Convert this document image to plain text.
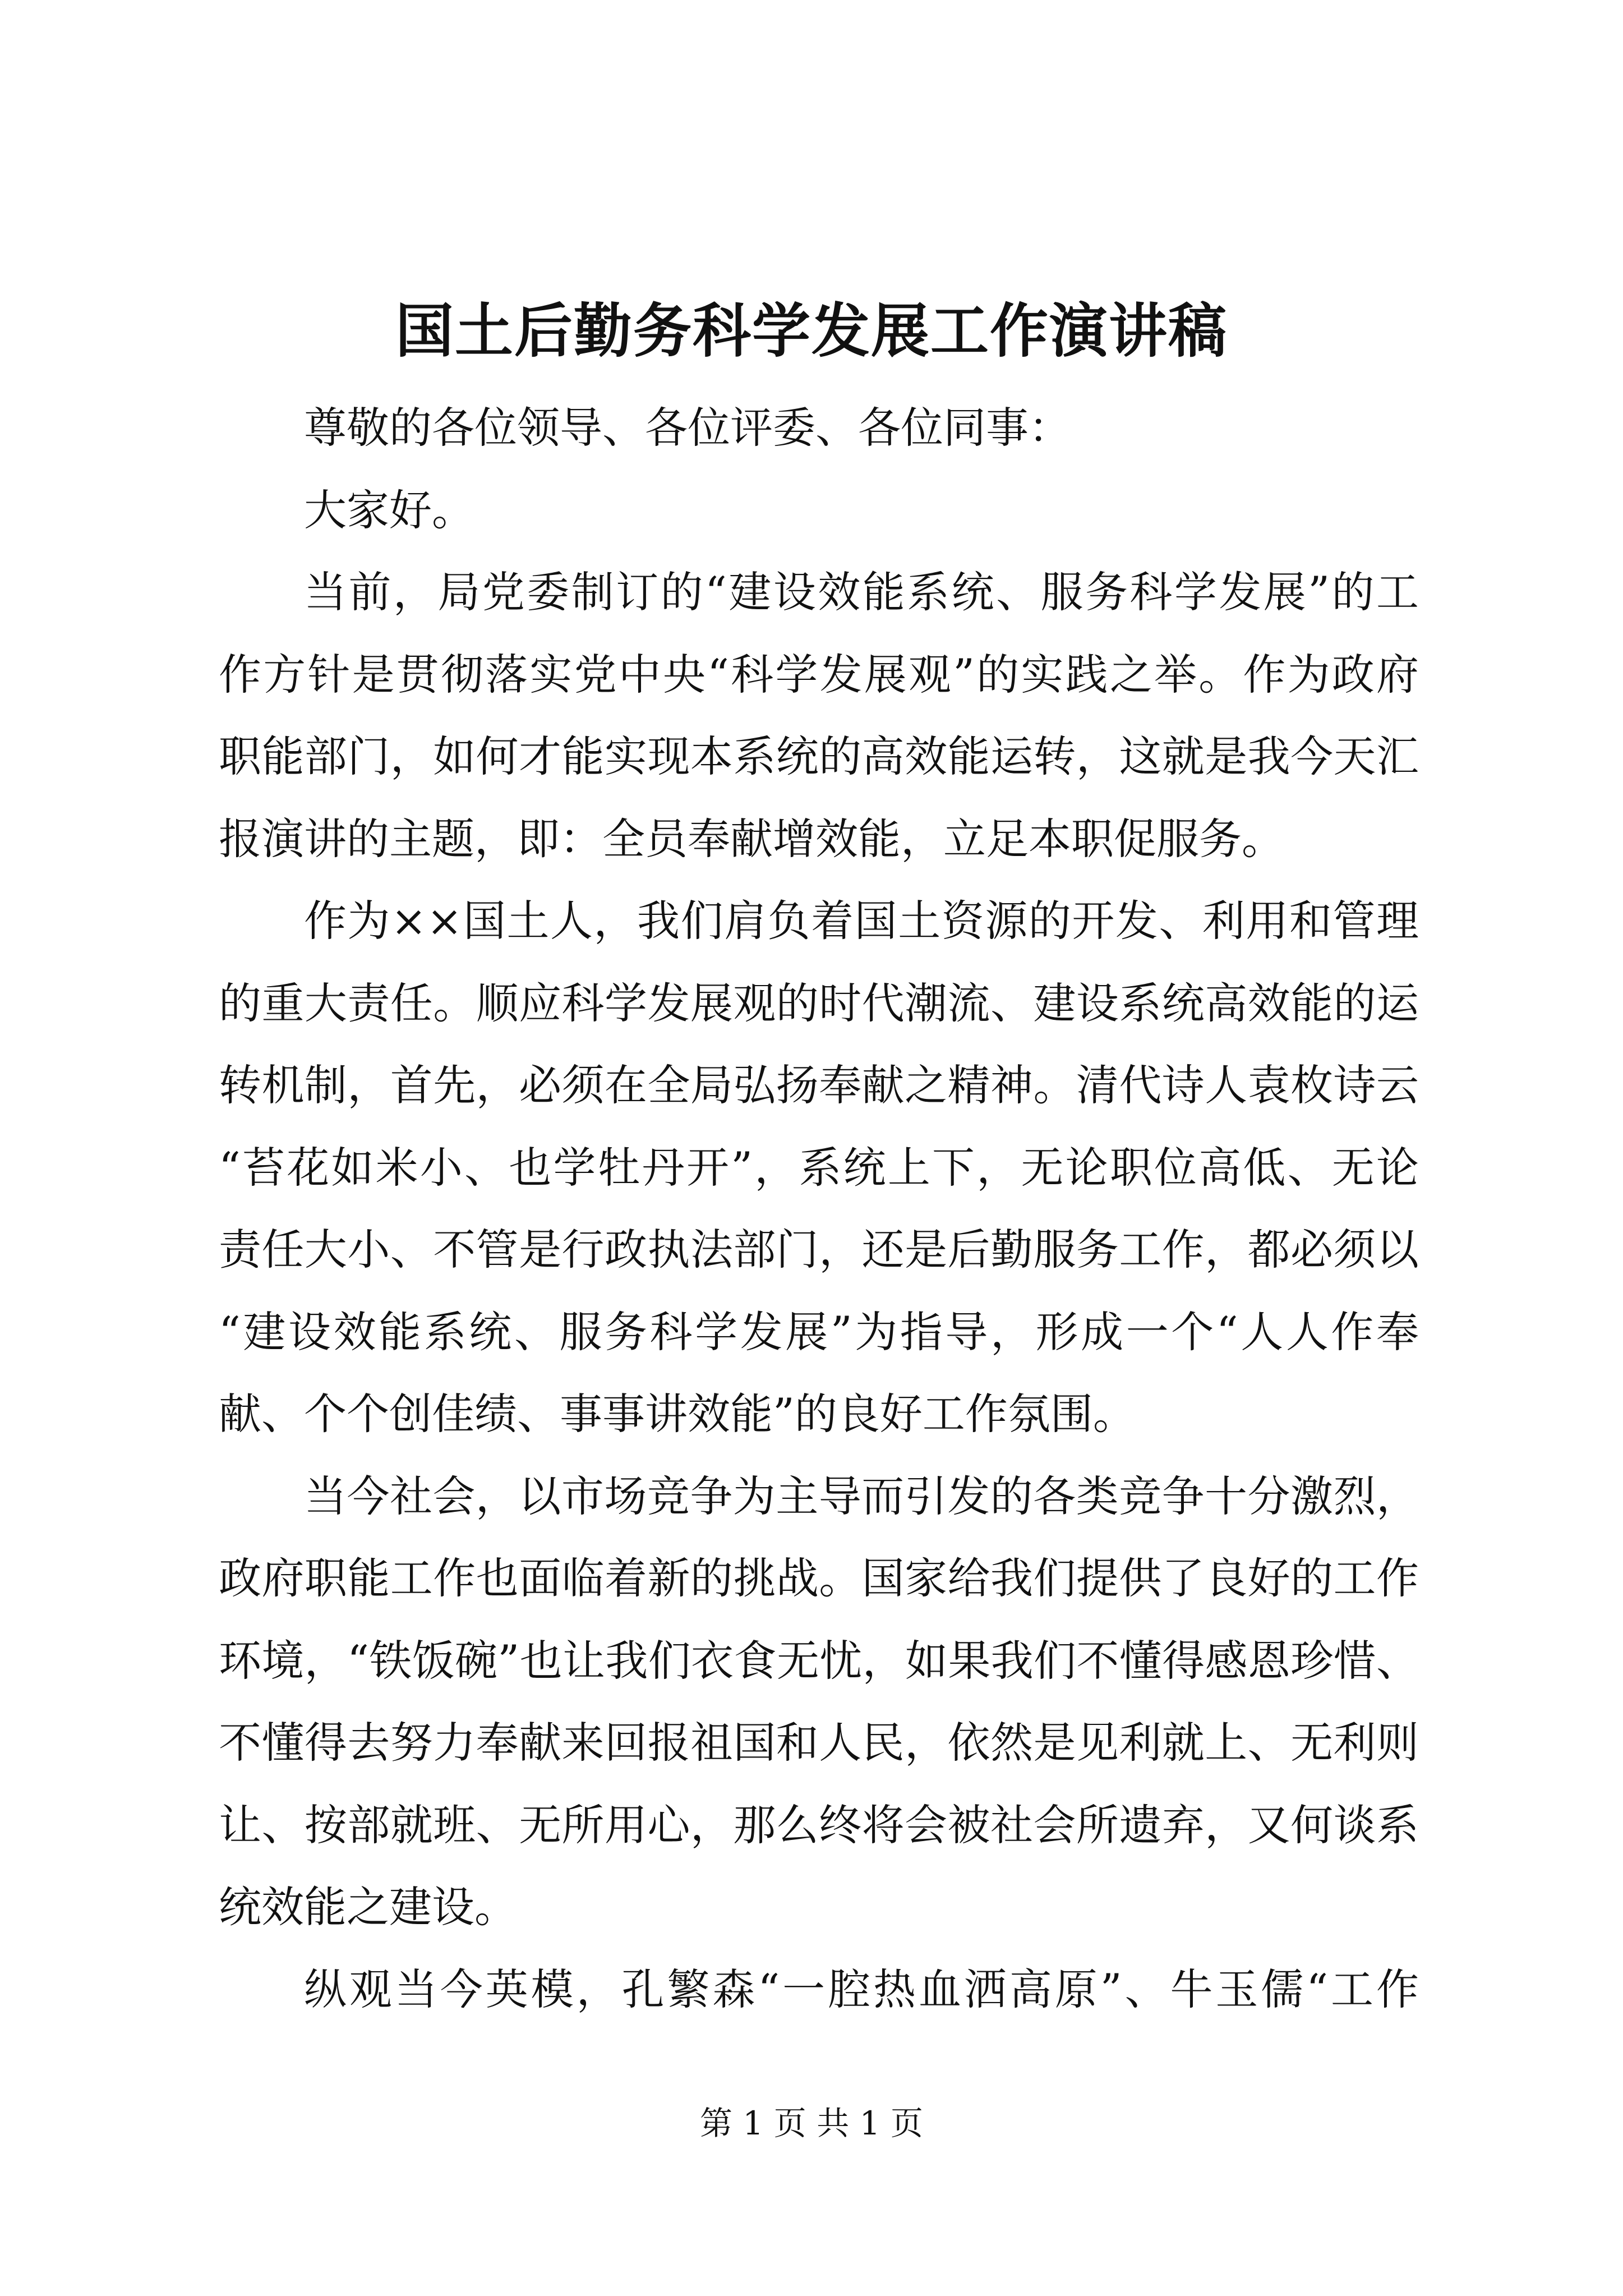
国土后勤务科学发展工作演讲稿
尊敬的各位领导、各位评委、各位同事：
大家好。
当前，局党委制订的“建设效能系统、服务科学发展”的工
作方针是贯彻落实党中央“科学发展观”的实践之举。作为政府
职能部门，如何才能实现本系统的高效能运转，这就是我今天汇
报演讲的主题，即：全员奉献增效能，立足本职促服务。
作为××国土人，我们肩负着国土资源的开发、利用和管理
的重大责任。顺应科学发展观的时代潮流、建设系统高效能的运
转机制，首先，必须在全局弘扬奉献之精神。清代诗人袁枚诗云
“苔花如米小、也学牡丹开”，系统上下，无论职位高低、无论
责任大小、不管是行政执法部门，还是后勤服务工作，都必须以
“建设效能系统、服务科学发展”为指导，形成一个“人人作奉
献、个个创佳绩、事事讲效能”的良好工作氛围。
当今社会，以市场竞争为主导而引发的各类竞争十分激烈，
政府职能工作也面临着新的挑战。国家给我们提供了良好的工作
环境，“铁饭碗”也让我们衣食无忧，如果我们不懂得感恩珍惜、
不懂得去努力奉献来回报祖国和人民，依然是见利就上、无利则
让、按部就班、无所用心，那么终将会被社会所遗弃，又何谈系
统效能之建设。
纵观当今英模，孔繁森“一腔热血洒高原”、牛玉儒“工作
第 1 页 共 1 页
